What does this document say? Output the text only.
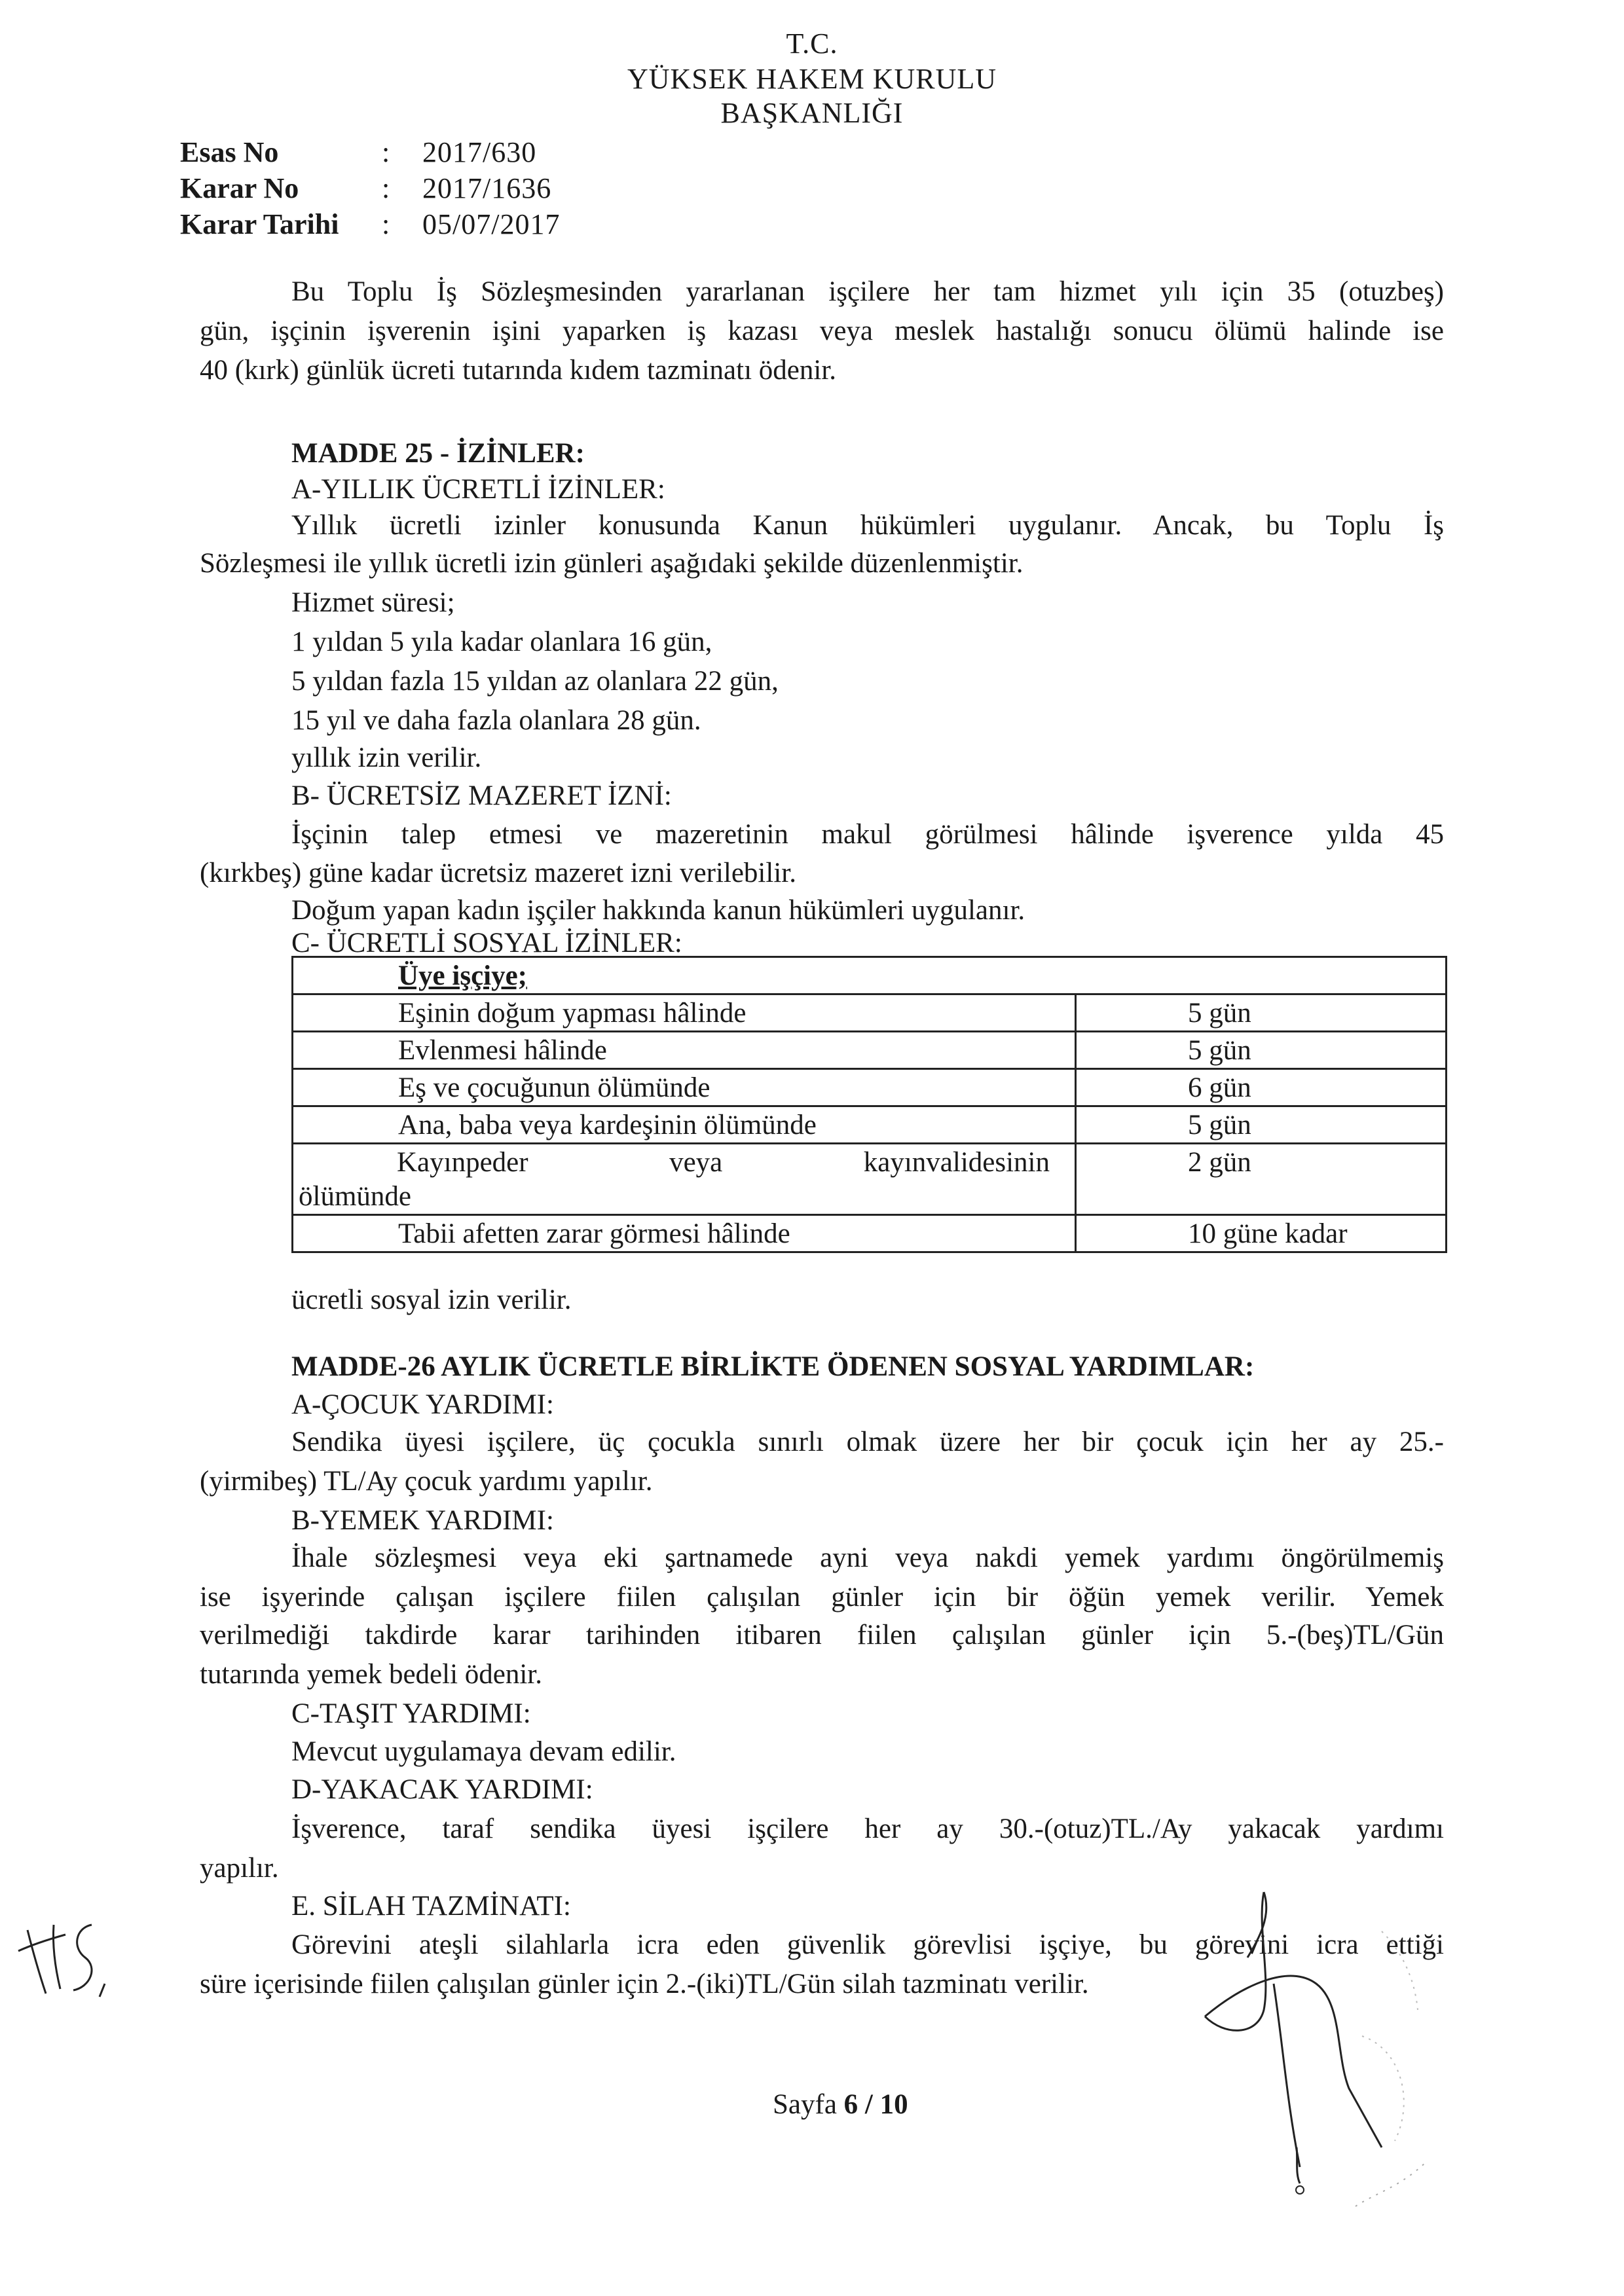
T.C.
YÜKSEK HAKEM KURULU
BAŞKANLIĞI
Esas No	: 2017/630
Karar No	: 2017/1636
Karar Tarihi : 05/07/2017
Bu Toplu İş Sözleşmesinden yararlanan işçilere her tam hizmet yılı için 35 (otuzbeş)
gün, işçinin işverenin işini yaparken iş kazası veya meslek hastalığı sonucu ölümü halinde ise
40 (kırk) günlük ücreti tutarında kıdem tazminatı ödenir.
MADDE 25 - İZİNLER:
A-YILLIK ÜCRETLİ İZİNLER:
Yıllık ücretli izinler konusunda Kanun hükümleri uygulanır. Ancak, bu Toplu İş
Sözleşmesi ile yıllık ücretli izin günleri aşağıdaki şekilde düzenlenmiştir.
Hizmet süresi;
1 yıldan 5 yıla kadar olanlara 16 gün,
5 yıldan fazla 15 yıldan az olanlara 22 gün,
15 yıl ve daha fazla olanlara 28 gün.
yıllık izin verilir.
B- ÜCRETSİZ MAZERET İZNİ:
İşçinin talep etmesi ve mazeretinin makul görülmesi hâlinde işverence yılda 45
(kırkbeş) güne kadar ücretsiz mazeret izni verilebilir.
Doğum yapan kadın işçiler hakkında kanun hükümleri uygulanır.
C- ÜCRETLİ SOSYAL İZİNLER:
Üye işçiye;	
Eşinin doğum yapması hâlinde	5 gün
Evlenmesi hâlinde	5 gün
Eş ve çocuğunun ölümünde	6 gün
Ana, baba veya kardeşinin ölümünde	5 gün

Kayınpeder veya kayınvalidesinin
ölümünde	2 gün
Tabii afetten zarar görmesi hâlinde	10 güne kadar
ücretli sosyal izin verilir.
MADDE-26 AYLIK ÜCRETLE BİRLİKTE ÖDENEN SOSYAL YARDIMLAR:
A-ÇOCUK YARDIMI:
Sendika üyesi işçilere, üç çocukla sınırlı olmak üzere her bir çocuk için her ay 25.-
(yirmibeş) TL/Ay çocuk yardımı yapılır.
B-YEMEK YARDIMI:
İhale sözleşmesi veya eki şartnamede ayni veya nakdi yemek yardımı öngörülmemiş
ise işyerinde çalışan işçilere fiilen çalışılan günler için bir öğün yemek verilir. Yemek
verilmediği takdirde karar tarihinden itibaren fiilen çalışılan günler için 5.-(beş)TL/Gün
tutarında yemek bedeli ödenir.
C-TAŞIT YARDIMI:
Mevcut uygulamaya devam edilir.
D-YAKACAK YARDIMI:
İşverence, taraf sendika üyesi işçilere her ay 30.-(otuz)TL./Ay yakacak yardımı
yapılır.
E. SİLAH TAZMİNATI:
Görevini ateşli silahlarla icra eden güvenlik görevlisi işçiye, bu görevini icra ettiği
süre içerisinde fiilen çalışılan günler için 2.-(iki)TL/Gün silah tazminatı verilir.
Sayfa 6 / 10
